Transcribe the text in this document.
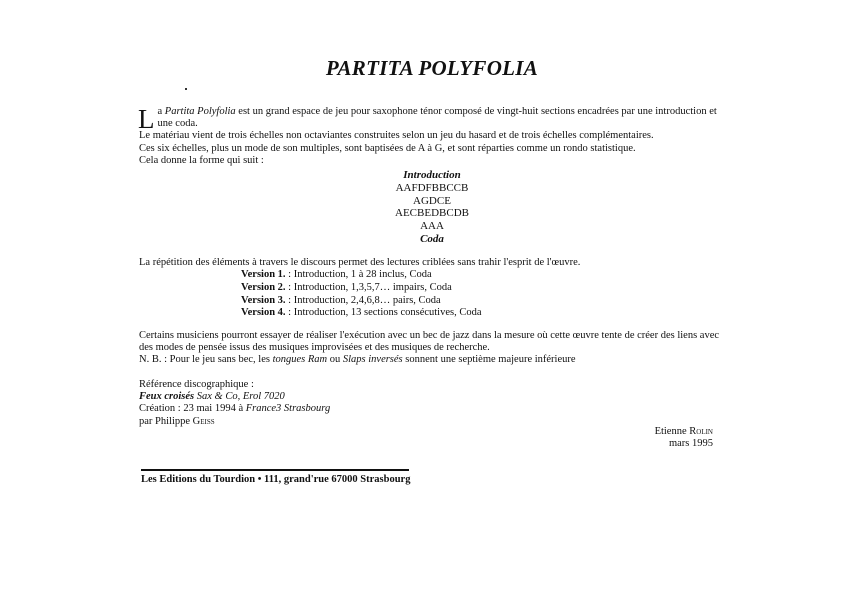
PARTITA POLYFOLIA

La Partita Polyfolia est un grand espace de jeu pour saxophone ténor composé de vingt-huit sections encadrées par une introduction et une coda.

Le matériau vient de trois échelles non octaviantes construites selon un jeu du hasard et de trois échelles complémentaires.

Ces six échelles, plus un mode de son multiples, sont baptisées de A à G, et sont réparties comme un rondo statistique.

Cela donne la forme qui suit :

Introduction
AAFDFBBCCB
AGDCE
AECBEDBCDB
AAA
Coda
La répétition des éléments à travers le discours permet des lectures criblées sans trahir l'esprit de l'œuvre.
Version 1. : Introduction, 1 à 28 inclus, Coda
Version 2. : Introduction, 1,3,5,7… impairs, Coda
Version 3. : Introduction, 2,4,6,8… pairs, Coda
Version 4. : Introduction, 13 sections consécutives, Coda

Certains musiciens pourront essayer de réaliser l'exécution avec un bec de jazz dans la mesure où cette œuvre tente de créer des liens avec des modes de pensée issus des musiques improvisées et des musiques de recherche.

N. B. : Pour le jeu sans bec, les tongues Ram ou Slaps inversés sonnent une septième majeure inférieure

Référence discographique :

Feux croisés Sax & Co, Erol 7020

Création : 23 mai 1994 à France3 Strasbourg

par Philippe Geiss

Etienne Rolin
mars 1995
Les Editions du Tourdion • 111, grand'rue 67000 Strasbourg
